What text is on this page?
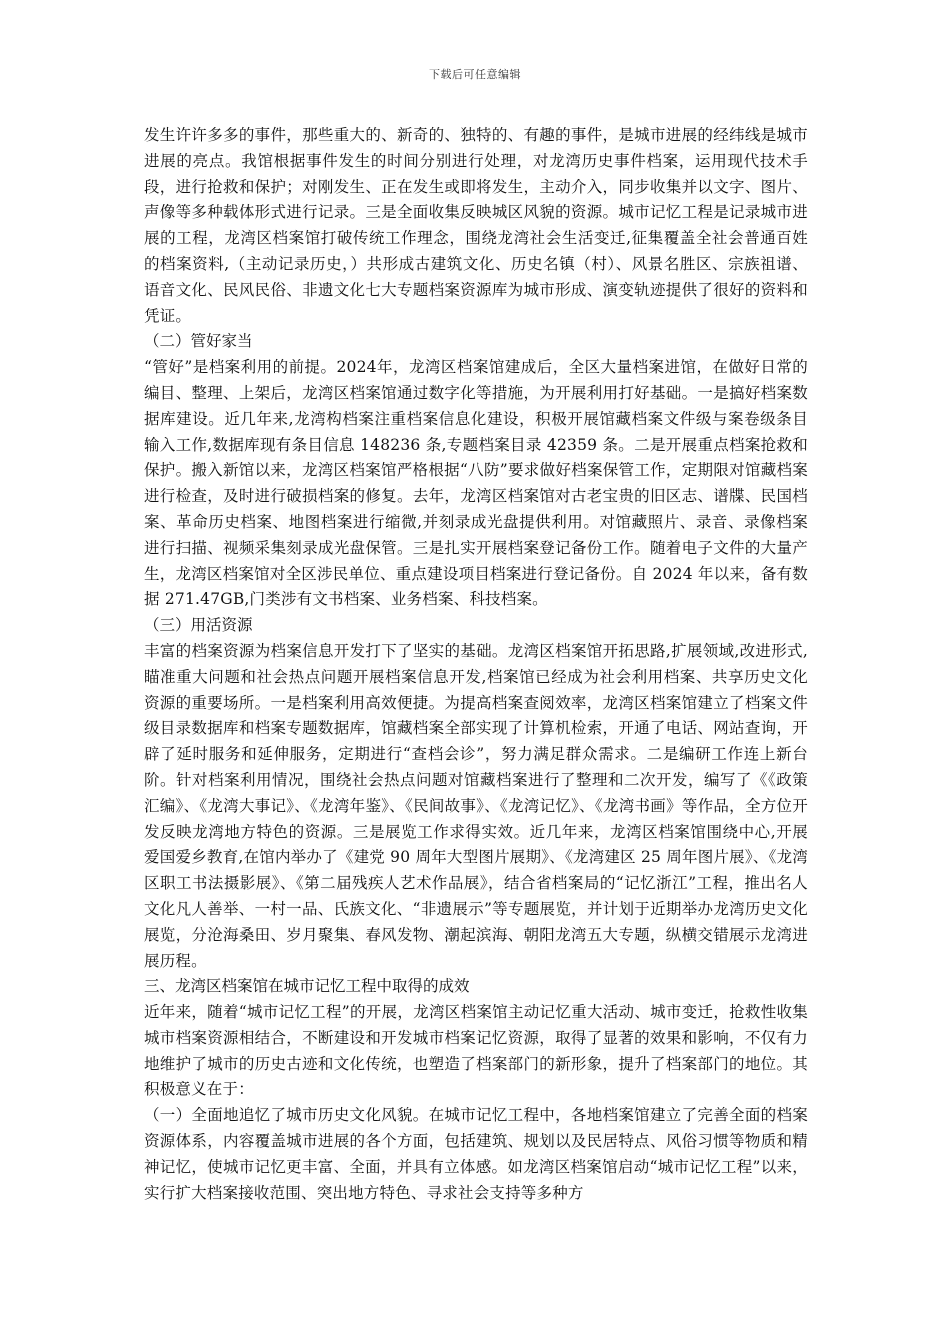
下载后可任意编辑

发生许许多多的事件，那些重大的、新奇的、独特的、有趣的事件，是城市进展的经纬线是城市进展的亮点。我馆根据事件发生的时间分别进行处理，对龙湾历史事件档案，运用现代技术手段，进行抢救和保护；对刚发生、正在发生或即将发生，主动介入，同步收集并以文字、图片、声像等多种载体形式进行记录。三是全面收集反映城区风貌的资源。城市记忆工程是记录城市进展的工程，龙湾区档案馆打破传统工作理念，围绕龙湾社会生活变迁,征集覆盖全社会普通百姓的档案资料,（主动记录历史，）共形成古建筑文化、历史名镇（村）、风景名胜区、宗族祖谱、语音文化、民风民俗、非遗文化七大专题档案资源库为城市形成、演变轨迹提供了很好的资料和凭证。

（二）管好家当

“管好”是档案利用的前提。2024年，龙湾区档案馆建成后，全区大量档案进馆，在做好日常的编目、整理、上架后，龙湾区档案馆通过数字化等措施，为开展利用打好基础。一是搞好档案数据库建设。近几年来,龙湾构档案注重档案信息化建设，积极开展馆藏档案文件级与案卷级条目输入工作,数据库现有条目信息 148236 条,专题档案目录 42359 条。二是开展重点档案抢救和保护。搬入新馆以来，龙湾区档案馆严格根据“八防”要求做好档案保管工作，定期限对馆藏档案进行检查，及时进行破损档案的修复。去年，龙湾区档案馆对古老宝贵的旧区志、谱牒、民国档案、革命历史档案、地图档案进行缩微,并刻录成光盘提供利用。对馆藏照片、录音、录像档案进行扫描、视频采集刻录成光盘保管。三是扎实开展档案登记备份工作。随着电子文件的大量产生，龙湾区档案馆对全区涉民单位、重点建设项目档案进行登记备份。自 2024 年以来，备有数据 271.47GB,门类涉有文书档案、业务档案、科技档案。

（三）用活资源

丰富的档案资源为档案信息开发打下了坚实的基础。龙湾区档案馆开拓思路,扩展领域,改进形式,瞄准重大问题和社会热点问题开展档案信息开发,档案馆已经成为社会利用档案、共享历史文化资源的重要场所。一是档案利用高效便捷。为提高档案查阅效率，龙湾区档案馆建立了档案文件级目录数据库和档案专题数据库，馆藏档案全部实现了计算机检索，开通了电话、网站查询，开辟了延时服务和延伸服务，定期进行“查档会诊”，努力满足群众需求。二是编研工作连上新台阶。针对档案利用情况，围绕社会热点问题对馆藏档案进行了整理和二次开发，编写了《《政策汇编》、《龙湾大事记》、《龙湾年鉴》、《民间故事》、《龙湾记忆》、《龙湾书画》等作品，全方位开发反映龙湾地方特色的资源。三是展览工作求得实效。近几年来，龙湾区档案馆围绕中心,开展爱国爱乡教育,在馆内举办了《建党 90 周年大型图片展期》、《龙湾建区 25 周年图片展》、《龙湾区职工书法摄影展》、《第二届残疾人艺术作品展》，结合省档案局的“记忆浙江”工程，推出名人文化凡人善举、一村一品、氏族文化、“非遗展示”等专题展览，并计划于近期举办龙湾历史文化展览，分沧海桑田、岁月聚集、春风发物、潮起滨海、朝阳龙湾五大专题，纵横交错展示龙湾进展历程。

三、龙湾区档案馆在城市记忆工程中取得的成效

近年来，随着“城市记忆工程”的开展，龙湾区档案馆主动记忆重大活动、城市变迁，抢救性收集城市档案资源相结合，不断建设和开发城市档案记忆资源，取得了显著的效果和影响，不仅有力地维护了城市的历史古迹和文化传统，也塑造了档案部门的新形象，提升了档案部门的地位。其积极意义在于：

（一）全面地追忆了城市历史文化风貌。在城市记忆工程中，各地档案馆建立了完善全面的档案资源体系，内容覆盖城市进展的各个方面，包括建筑、规划以及民居特点、风俗习惯等物质和精神记忆，使城市记忆更丰富、全面，并具有立体感。如龙湾区档案馆启动“城市记忆工程”以来，实行扩大档案接收范围、突出地方特色、寻求社会支持等多种方
